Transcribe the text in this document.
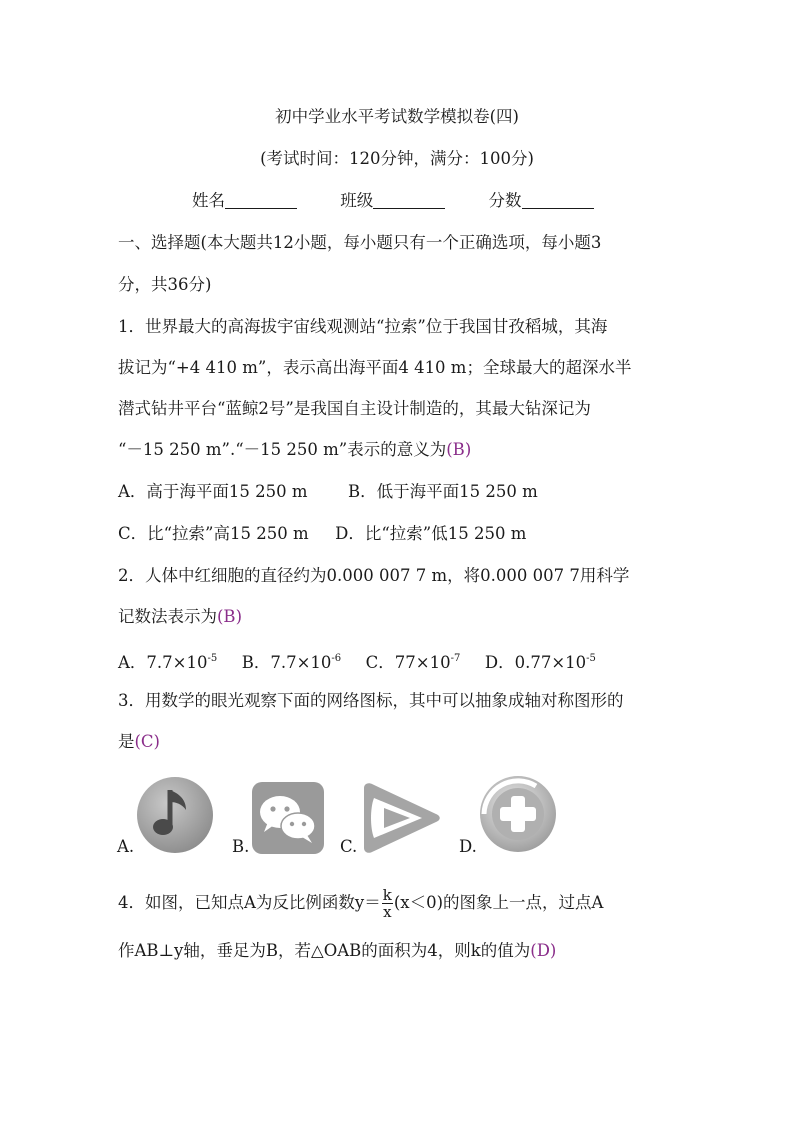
初中学业水平考试数学模拟卷(四)
(考试时间：120分钟，满分：100分)
姓名	班级	分数
一、选择题(本大题共12小题，每小题只有一个正确选项，每小题3
分，共36分)
1．世界最大的高海拔宇宙线观测站“拉索”位于我国甘孜稻城，其海
拔记为“+4 410 m”，表示高出海平面4 410 m；全球最大的超深水半
潜式钻井平台“蓝鲸2号”是我国自主设计制造的，其最大钻深记为
“－15 250 m”.“－15 250 m”表示的意义为(B)
A．高于海平面15 250 m B．低于海平面15 250 m
C．比“拉索”高15 250 m D．比“拉索”低15 250 m
2．人体中红细胞的直径约为0.000 007 7 m，将0.000 007 7用科学
记数法表示为(B)
A．$7.7\times 10^{-5}$ B．$7.7\times 10^{-6}$ C．$77\times 10^{-7}$ D．$0.77\times 10^{-5}$
3．用数学的眼光观察下面的网络图标，其中可以抽象成轴对称图形的
是(C)
A.	B.	C.	D.
4．如图，已知点A为反比例函数$y= \frac{k}{x} (x<0)$的图象上一点，过点A
作AB⊥y轴，垂足为B，若△OAB的面积为4，则k的值为(D)
